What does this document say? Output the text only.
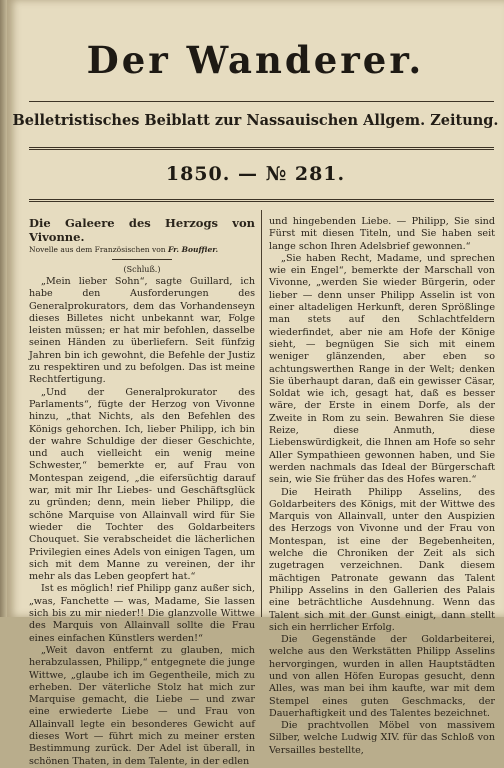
Der Wanderer.
Belletristisches Beiblatt zur Nassauischen Allgem. Zeitung.
1850. — № 281.
Die Galeere des Herzogs von Vivonne.
Novelle aus dem Französischen von Fr. Bouffier.
(Schluß.)

„Mein lieber Sohn“, sagte Guillard, ich habe den Ausforderungen des Generalprokurators, dem das Vorhandenseyn dieses Billetes nicht unbekannt war, Folge leisten müssen; er hat mir befohlen, dasselbe seinen Händen zu überliefern. Seit fünfzig Jahren bin ich gewohnt, die Befehle der Justiz zu respektiren und zu befolgen. Das ist meine Rechtfertigung.

„Und der Generalprokurator des Parlaments“, fügte der Herzog von Vivonne hinzu, „that Nichts, als den Befehlen des Königs gehorchen. Ich, lieber Philipp, ich bin der wahre Schuldige der dieser Geschichte, und auch vielleicht ein wenig meine Schwester,“ bemerkte er, auf Frau von Montespan zeigend, „die eifersüchtig darauf war, mit mir Ihr Liebes- und Geschäftsglück zu gründen; denn, mein lieber Philipp, die schöne Marquise von Allainvall wird für Sie wieder die Tochter des Goldarbeiters Chouquet. Sie verabscheidet die lächerlichen Privilegien eines Adels von einigen Tagen, um sich mit dem Manne zu vereinen, der ihr mehr als das Leben geopfert hat.“

Ist es möglich! rief Philipp ganz außer sich, „was, Fanchette — was, Madame, Sie lassen sich bis zu mir nieder!! Die glanzvolle Wittwe des Marquis von Allainvall sollte die Frau eines einfachen Künstlers werden!“

„Weit davon entfernt zu glauben, mich herabzulassen, Philipp,“ entgegnete die junge Wittwe, „glaube ich im Gegentheile, mich zu erheben. Der väterliche Stolz hat mich zur Marquise gemacht, die Liebe — und zwar eine erwiederte Liebe — und Frau von Allainvall legte ein besonderes Gewicht auf dieses Wort — führt mich zu meiner ersten Bestimmung zurück. Der Adel ist überall, in schönen Thaten, in dem Talente, in der edlen

und hingebenden Liebe. — Philipp, Sie sind Fürst mit diesen Titeln, und Sie haben seit lange schon Ihren Adelsbrief gewonnen.“

„Sie haben Recht, Madame, und sprechen wie ein Engel“, bemerkte der Marschall von Vivonne, „werden Sie wieder Bürgerin, oder lieber — denn unser Philipp Asselin ist von einer altadeligen Herkunft, deren Sprößlinge man stets auf den Schlachtfeldern wiederfindet, aber nie am Hofe der Könige sieht, — begnügen Sie sich mit einem weniger glänzenden, aber eben so achtungswerthen Range in der Welt; denken Sie überhaupt daran, daß ein gewisser Cäsar, Soldat wie ich, gesagt hat, daß es besser wäre, der Erste in einem Dorfe, als der Zweite in Rom zu sein. Bewahren Sie diese Reize, diese Anmuth, diese Liebenswürdigkeit, die Ihnen am Hofe so sehr Aller Sympathieen gewonnen haben, und Sie werden nachmals das Ideal der Bürgerschaft sein, wie Sie früher das des Hofes waren.“

Die Heirath Philipp Asselins, des Goldarbeiters des Königs, mit der Wittwe des Marquis von Allainvall, unter den Auspizien des Herzogs von Vivonne und der Frau von Montespan, ist eine der Begebenheiten, welche die Chroniken der Zeit als sich zugetragen verzeichnen. Dank diesem mächtigen Patronate gewann das Talent Philipp Asselins in den Gallerien des Palais eine beträchtliche Ausdehnung. Wenn das Talent sich mit der Gunst einigt, dann stellt sich ein herrlicher Erfolg.

Die Gegenstände der Goldarbeiterei, welche aus den Werkstätten Philipp Asselins hervorgingen, wurden in allen Hauptstädten und von allen Höfen Europas gesucht, denn Alles, was man bei ihm kaufte, war mit dem Stempel eines guten Geschmacks, der Dauerhaftigkeit und des Talentes bezeichnet.

Die prachtvollen Möbel von massivem Silber, welche Ludwig XIV. für das Schloß von Versailles bestellte,
